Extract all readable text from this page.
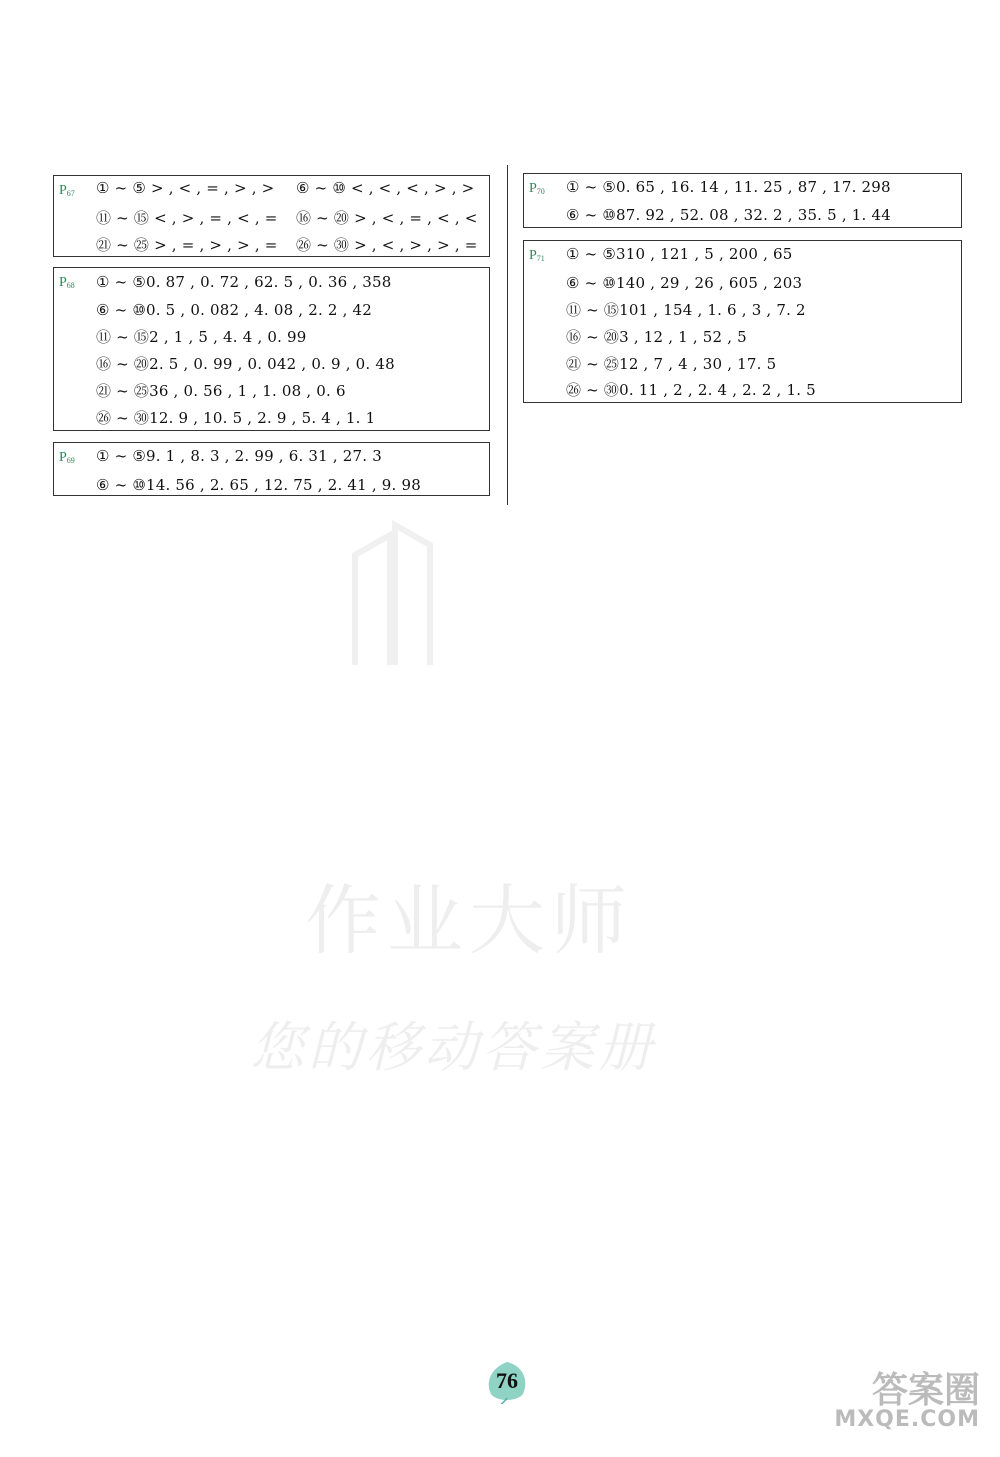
作业大师
您的移动答案册
$P_{67}$ ① ~ ⑤ > , < , = , > , >
⑪ ~ ⑮ < , > , = , < , =
㉑ ~ ㉕ > , = , > , > , =
⑥ ~ ⑩ < , < , < , > , >
⑯ ~ ⑳ > , < , = , < , <
㉖ ~ ㉚ > , < , > , > , =
$P_{68}$ ① ~ ⑤0. 87 , 0. 72 , 62. 5 , 0. 36 , 358
⑥ ~ ⑩0. 5 , 0. 082 , 4. 08 , 2. 2 , 42
⑪ ~ ⑮2 , 1 , 5 , 4. 4 , 0. 99
⑯ ~ ⑳2. 5 , 0. 99 , 0. 042 , 0. 9 , 0. 48
㉑ ~ ㉕36 , 0. 56 , 1 , 1. 08 , 0. 6
㉖ ~ ㉚12. 9 , 10. 5 , 2. 9 , 5. 4 , 1. 1
$P_{69}$ ① ~ ⑤9. 1 , 8. 3 , 2. 99 , 6. 31 , 27. 3
⑥ ~ ⑩14. 56 , 2. 65 , 12. 75 , 2. 41 , 9. 98
$P_{70}$ ① ~ ⑤0. 65 , 16. 14 , 11. 25 , 87 , 17. 298
⑥ ~ ⑩87. 92 , 52. 08 , 32. 2 , 35. 5 , 1. 44
$P_{71}$ ① ~ ⑤310 , 121 , 5 , 200 , 65
⑥ ~ ⑩140 , 29 , 26 , 605 , 203
⑪ ~ ⑮101 , 154 , 1. 6 , 3 , 7. 2
⑯ ~ ⑳3 , 12 , 1 , 52 , 5
㉑ ~ ㉕12 , 7 , 4 , 30 , 17. 5
㉖ ~ ㉚0. 11 , 2 , 2. 4 , 2. 2 , 1. 5
76	答案圈
MXQE.COM
